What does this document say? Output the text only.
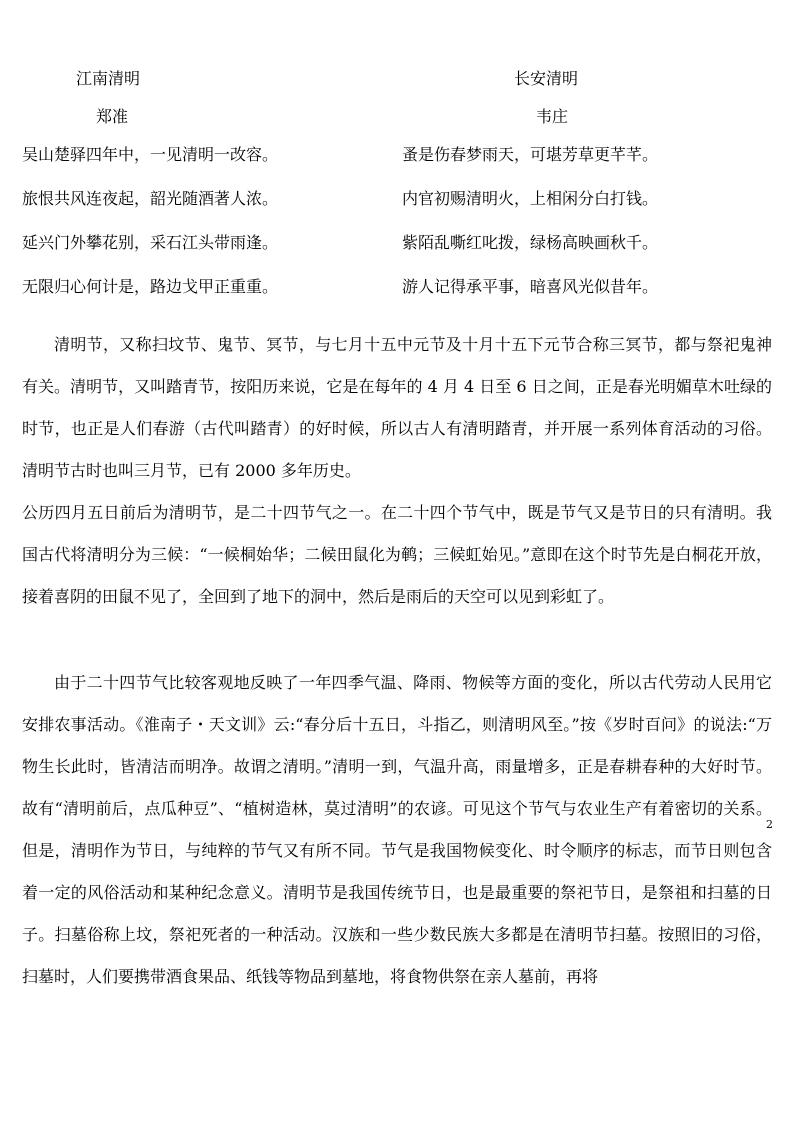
江南清明
郑准
吴山楚驿四年中，一见清明一改容。
旅恨共风连夜起，韶光随酒著人浓。
延兴门外攀花别，采石江头带雨逢。
无限归心何计是，路边戈甲正重重。
长安清明
韦庄
蚤是伤春梦雨天，可堪芳草更芊芊。
内官初赐清明火，上相闲分白打钱。
紫陌乱嘶红叱拨，绿杨高映画秋千。
游人记得承平事，暗喜风光似昔年。

清明节，又称扫坟节、鬼节、冥节，与七月十五中元节及十月十五下元节合称三冥节，都与祭祀鬼神有关。清明节，又叫踏青节，按阳历来说，它是在每年的 4 月 4 日至 6 日之间，正是春光明媚草木吐绿的时节，也正是人们春游（古代叫踏青）的好时候，所以古人有清明踏青，并开展一系列体育活动的习俗。 清明节古时也叫三月节，已有 2000 多年历史。

公历四月五日前后为清明节，是二十四节气之一。在二十四个节气中，既是节气又是节日的只有清明。我国古代将清明分为三候：“一候桐始华；二候田鼠化为鹌；三候虹始见。”意即在这个时节先是白桐花开放，接着喜阴的田鼠不见了，全回到了地下的洞中，然后是雨后的天空可以见到彩虹了。

由于二十四节气比较客观地反映了一年四季气温、降雨、物候等方面的变化，所以古代劳动人民用它安排农事活动。《淮南子・天文训》云:“春分后十五日，斗指乙，则清明风至。”按《岁时百问》的说法:“万物生长此时，皆清洁而明净。故谓之清明。”清明一到，气温升高，雨量增多，正是春耕春种的大好时节。故有“清明前后，点瓜种豆”、“植树造林，莫过清明”的农谚。可见这个节气与农业生产有着密切的关系。但是，清明作为节日，与纯粹的节气又有所不同。节气是我国物候变化、时令顺序的标志，而节日则包含着一定的风俗活动和某种纪念意义。清明节是我国传统节日，也是最重要的祭祀节日，是祭祖和扫墓的日子。扫墓俗称上坟，祭祀死者的一种活动。汉族和一些少数民族大多都是在清明节扫墓。按照旧的习俗，扫墓时，人们要携带酒食果品、纸钱等物品到墓地，将食物供祭在亲人墓前，再将

2
